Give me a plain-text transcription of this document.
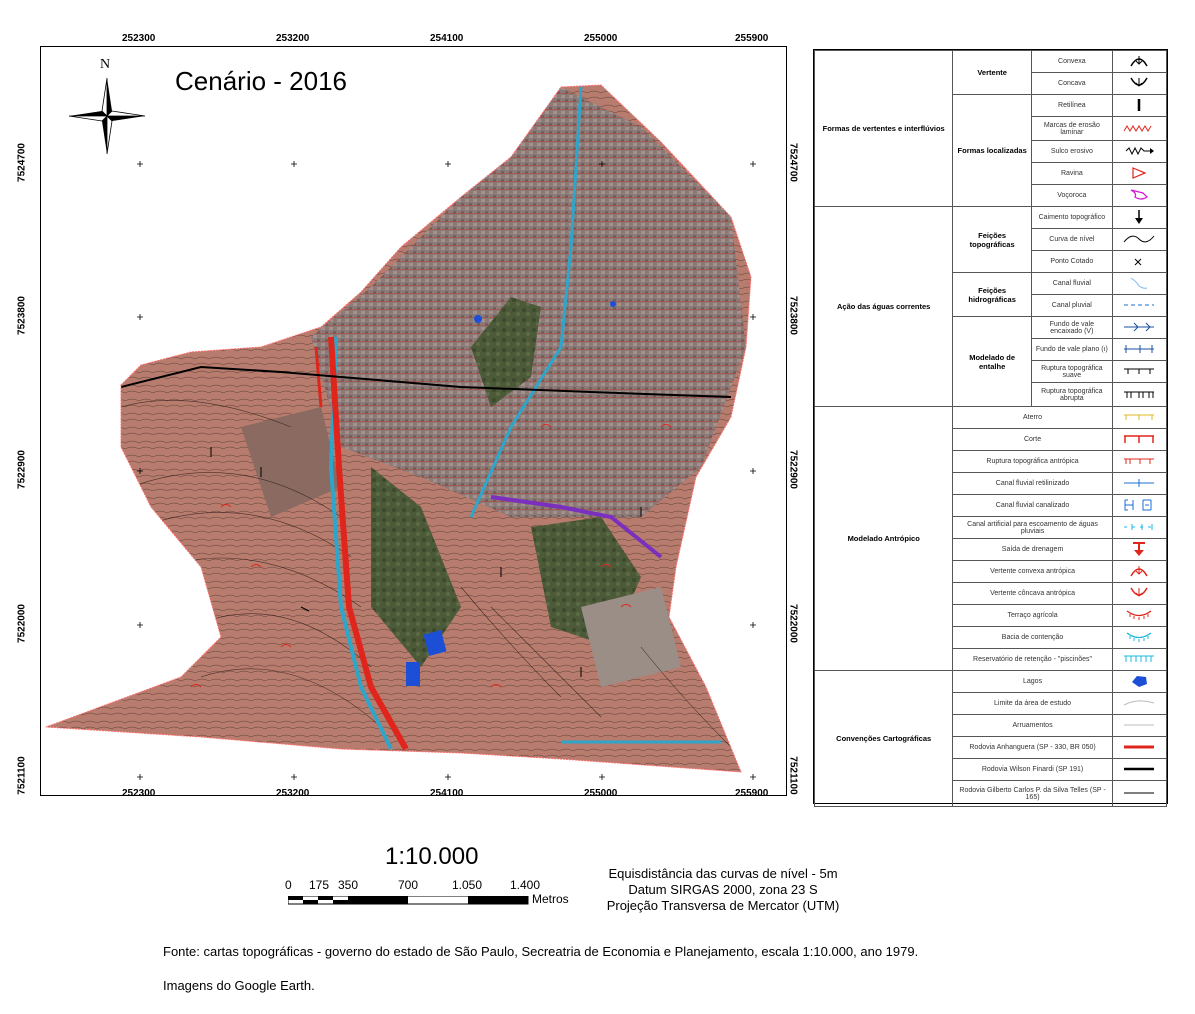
N
Cenário - 2016
252300	253200	254100	255000	255900
252300	253200	254100	255000	255900
7524700
7523800
7522900
7522000
7521100
7524700
7523800
7522900
7522000
7521100
Formas de vertentes e interflúvios	Vertente	Convexa	
		Concava	
	Formas localizadas	Retilínea	
		Marcas de erosão laminar	
		Sulco erosivo	
		Ravina	
		Voçoroca	
Ação das águas correntes	Feições topográficas	Caimento topográfico	
		Curva de nível	
		Ponto Cotado	
	Feições hidrográficas	Canal fluvial	
		Canal pluvial	
	Modelado de entalhe	Fundo de vale encaixado (V)	
		Fundo de vale plano (ı)	
		Ruptura topográfica suave	
		Ruptura topográfica abrupta	
Modelado Antrópico	Aterro	
	Corte	
	Ruptura topográfica antrópica	
	Canal fluvial retilinizado	
	Canal fluvial canalizado	
	Canal artificial para escoamento de águas pluviais	
	Saída de drenagem	
	Vertente convexa antrópica	
	Vertente côncava antrópica	
	Terraço agrícola	
	Bacia de contenção	
	Reservatório de retenção - "piscinões"	
Convenções Cartográficas	Lagos	
	Limite da área de estudo	
	Arruamentos	
	Rodovia Anhanguera (SP - 330, BR 050)	
	Rodovia Wilson Finardi (SP 191)	
	Rodovia Gilberto Carlos P. da Silva Telles (SP - 165)	
1:10.000
0 175 350	700	1.050 1.400
Metros
Equisdistância das curvas de nível - 5m
Datum SIRGAS 2000, zona 23 S
Projeção Transversa de Mercator (UTM)
Fonte: cartas topográficas - governo do estado de São Paulo, Secreatria de Economia e Planejamento, escala 1:10.000, ano 1979.
Imagens do Google Earth.
